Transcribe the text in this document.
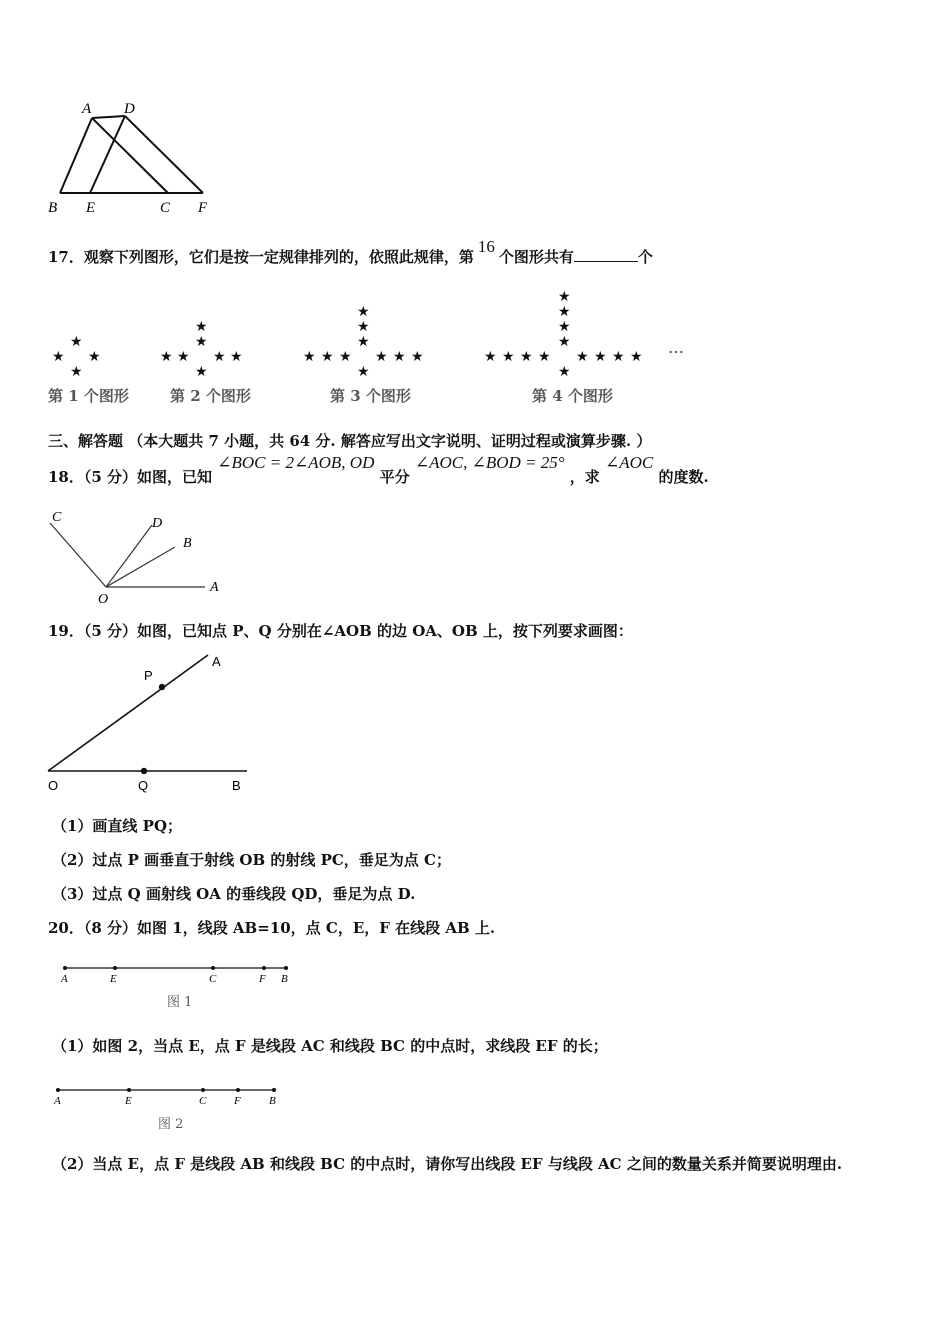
A D
B E	C F
17．观察下列图形，它们是按一定规律排列的，依照此规律，第16个图形共有	个
★
★ ★
★
★
★
★ ★ ★ ★
★
★
★
★
★ ★ ★ ★ ★ ★
★
★
★
★
★
★ ★ ★ ★ ★ ★ ★ ★
★
…
第 1 个图形	第 2 个图形	第 3 个图形	第 4 个图形
三、解答题 （本大题共 7 小题，共 64 分. 解答应写出文字说明、证明过程或演算步骤. ）
18．（5 分）如图，已知 ∠BOC = 2∠AOB, OD 平分 ∠AOC, ∠BOD = 25° ，求 ∠AOC 的度数.
C	D
B
A
O
19．（5 分）如图，已知点 P、Q 分别在∠AOB 的边 OA、OB 上，按下列要求画图：
A
P
O	Q	B
（1）画直线 PQ；
（2）过点 P 画垂直于射线 OB 的射线 PC，垂足为点 C；
（3）过点 Q 画射线 OA 的垂线段 QD，垂足为点 D.
20．（8 分）如图 1，线段 AB=10，点 C，E，F 在线段 AB 上.
A	E	C	F B
图 1
（1）如图 2，当点 E，点 F 是线段 AC 和线段 BC 的中点时，求线段 EF 的长；
A	E	C	F	B
图 2
（2）当点 E，点 F 是线段 AB 和线段 BC 的中点时，请你写出线段 EF 与线段 AC 之间的数量关系并简要说明理由.
